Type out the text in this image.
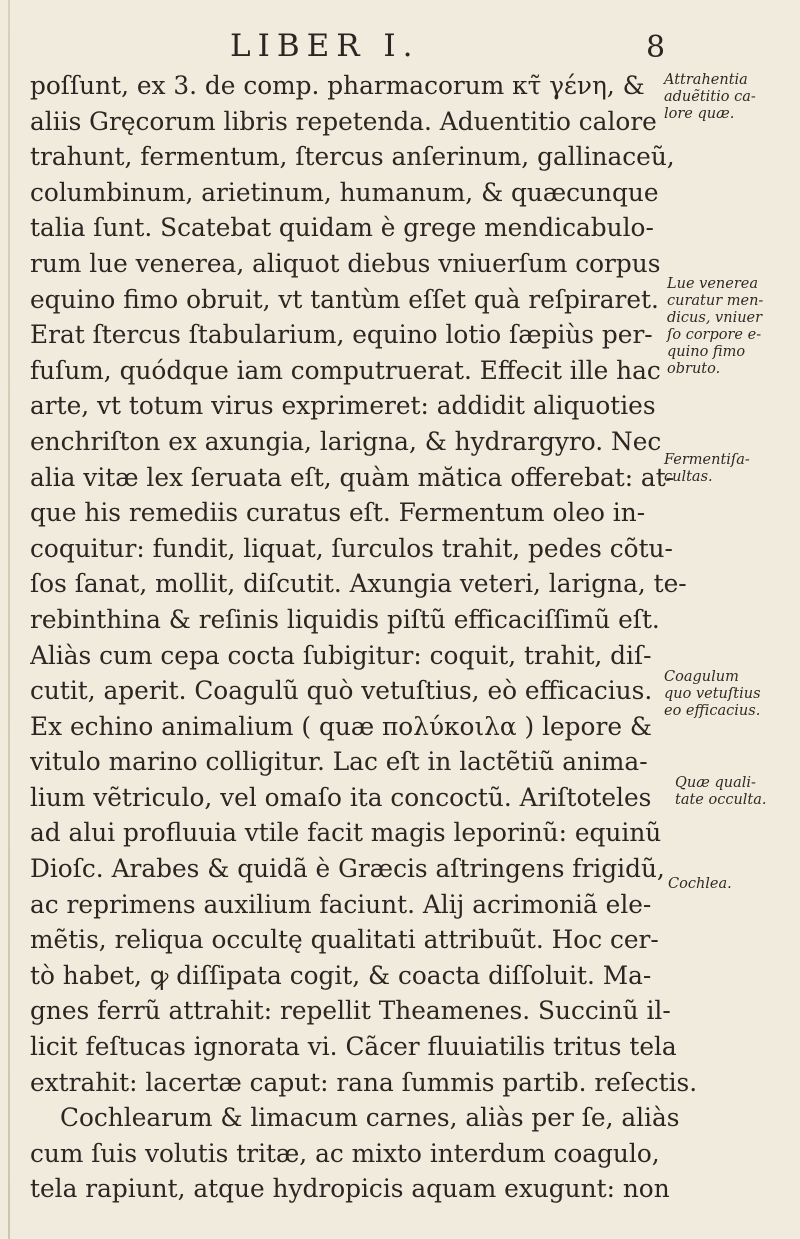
LIBER I.	8
poſſunt, ex 3. de comp. pharmacorum κτ̃ γένη, &
aliis Gręcorum libris repetenda. Aduentitio calore
trahunt, fermentum, ſtercus anſerinum, gallinaceũ,
columbinum, arietinum, humanum, & quæcunque
talia ſunt. Scatebat quidam è grege mendicabulo-
rum lue venerea, aliquot diebus vniuerſum corpus
equino fimo obruit, vt tantùm eſſet quà reſpiraret.
Erat ſtercus ſtabularium, equino lotio ſæpiùs per-
fuſum, quódque iam computruerat. Effecit ille hac
arte, vt totum virus exprimeret: addidit aliquoties
enchriſton ex axungia, larigna, & hydrargyro. Nec
alia vitæ lex ſeruata eſt, quàm mătica offerebat: at-
que his remediis curatus eſt. Fermentum oleo in-
coquitur: fundit, liquat, ſurculos trahit, pedes cõtu-
ſos ſanat, mollit, diſcutit. Axungia veteri, larigna, te-
rebinthina & reſinis liquidis piſtũ efficaciſſimũ eſt.
Aliàs cum cepa cocta ſubigitur: coquit, trahit, diſ-
cutit, aperit. Coagulũ quò vetuſtius, eò efficacius.
Ex echino animalium ( quæ πολύκοιλα ) lepore &
vitulo marino colligitur. Lac eſt in lactẽtiũ anima-
lium vẽtriculo, vel omaſo ita concoctũ. Ariſtoteles
ad alui profluuia vtile facit magis leporinũ: equinũ
Dioſc. Arabes & quidã è Græcis aſtringens frigidũ,
ac reprimens auxilium faciunt. Alij acrimoniã ele-
mẽtis, reliqua occultę qualitati attribuũt. Hoc cer-
tò habet, ꝙ diſſipata cogit, & coacta diſſoluit. Ma-
gnes ferrũ attrahit: repellit Theamenes. Succinũ il-
licit feſtucas ignorata vi. Cãcer fluuiatilis tritus tela
extrahit: lacertæ caput: rana ſummis partib. reſectis.
Cochlearum & limacum carnes, aliàs per ſe, aliàs
cum ſuis volutis tritæ, ac mixto interdum coagulo,
tela rapiunt, atque hydropicis aquam exugunt: non
Attrahentia
aduẽtitio ca-
lore quæ.
Lue venerea
curatur men-
dicus, vniuer
ſo corpore e-
quino fimo
obruto.
Fermentiſa-
cultas.
Coagulum
quo vetuſtius
eo efficacius.
Quæ quali-
tate occulta.
Cochlea.
